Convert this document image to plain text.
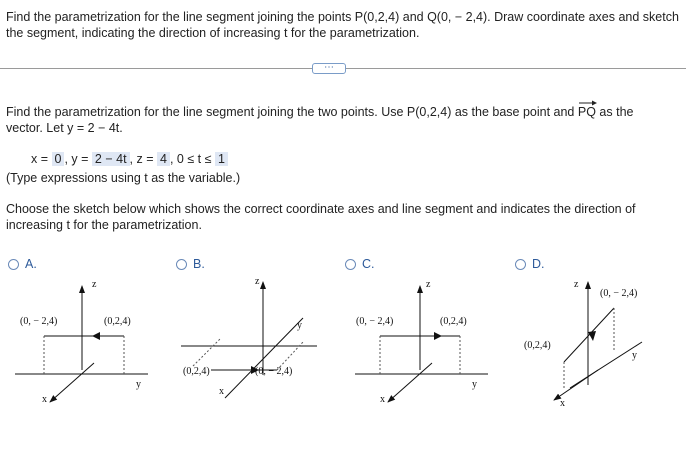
Find the parametrization for the line segment joining the points P(0,2,4) and Q(0, − 2,4). Draw coordinate axes and sketch the segment, indicating the direction of increasing t for the parametrization.
⋯
Find the parametrization for the line segment joining the two points. Use P(0,2,4) as the base point and PQ as the
vector. Let y = 2 − 4t.
x = 0 , y = 2 − 4t , z = 4 , 0 ≤ t ≤ 1
(Type expressions using t as the variable.)
Choose the sketch below which shows the correct coordinate axes and line segment and indicates the direction of
increasing t for the parametrization.
A.	B.	C.	D.
z
y
x
(0, − 2,4)	(0,2,4)
z
y
x
(0,2,4)	(0, − 2,4)
z
y
x
(0, − 2,4)	(0,2,4)
z
y
x
(0,2,4)
(0, − 2,4)
